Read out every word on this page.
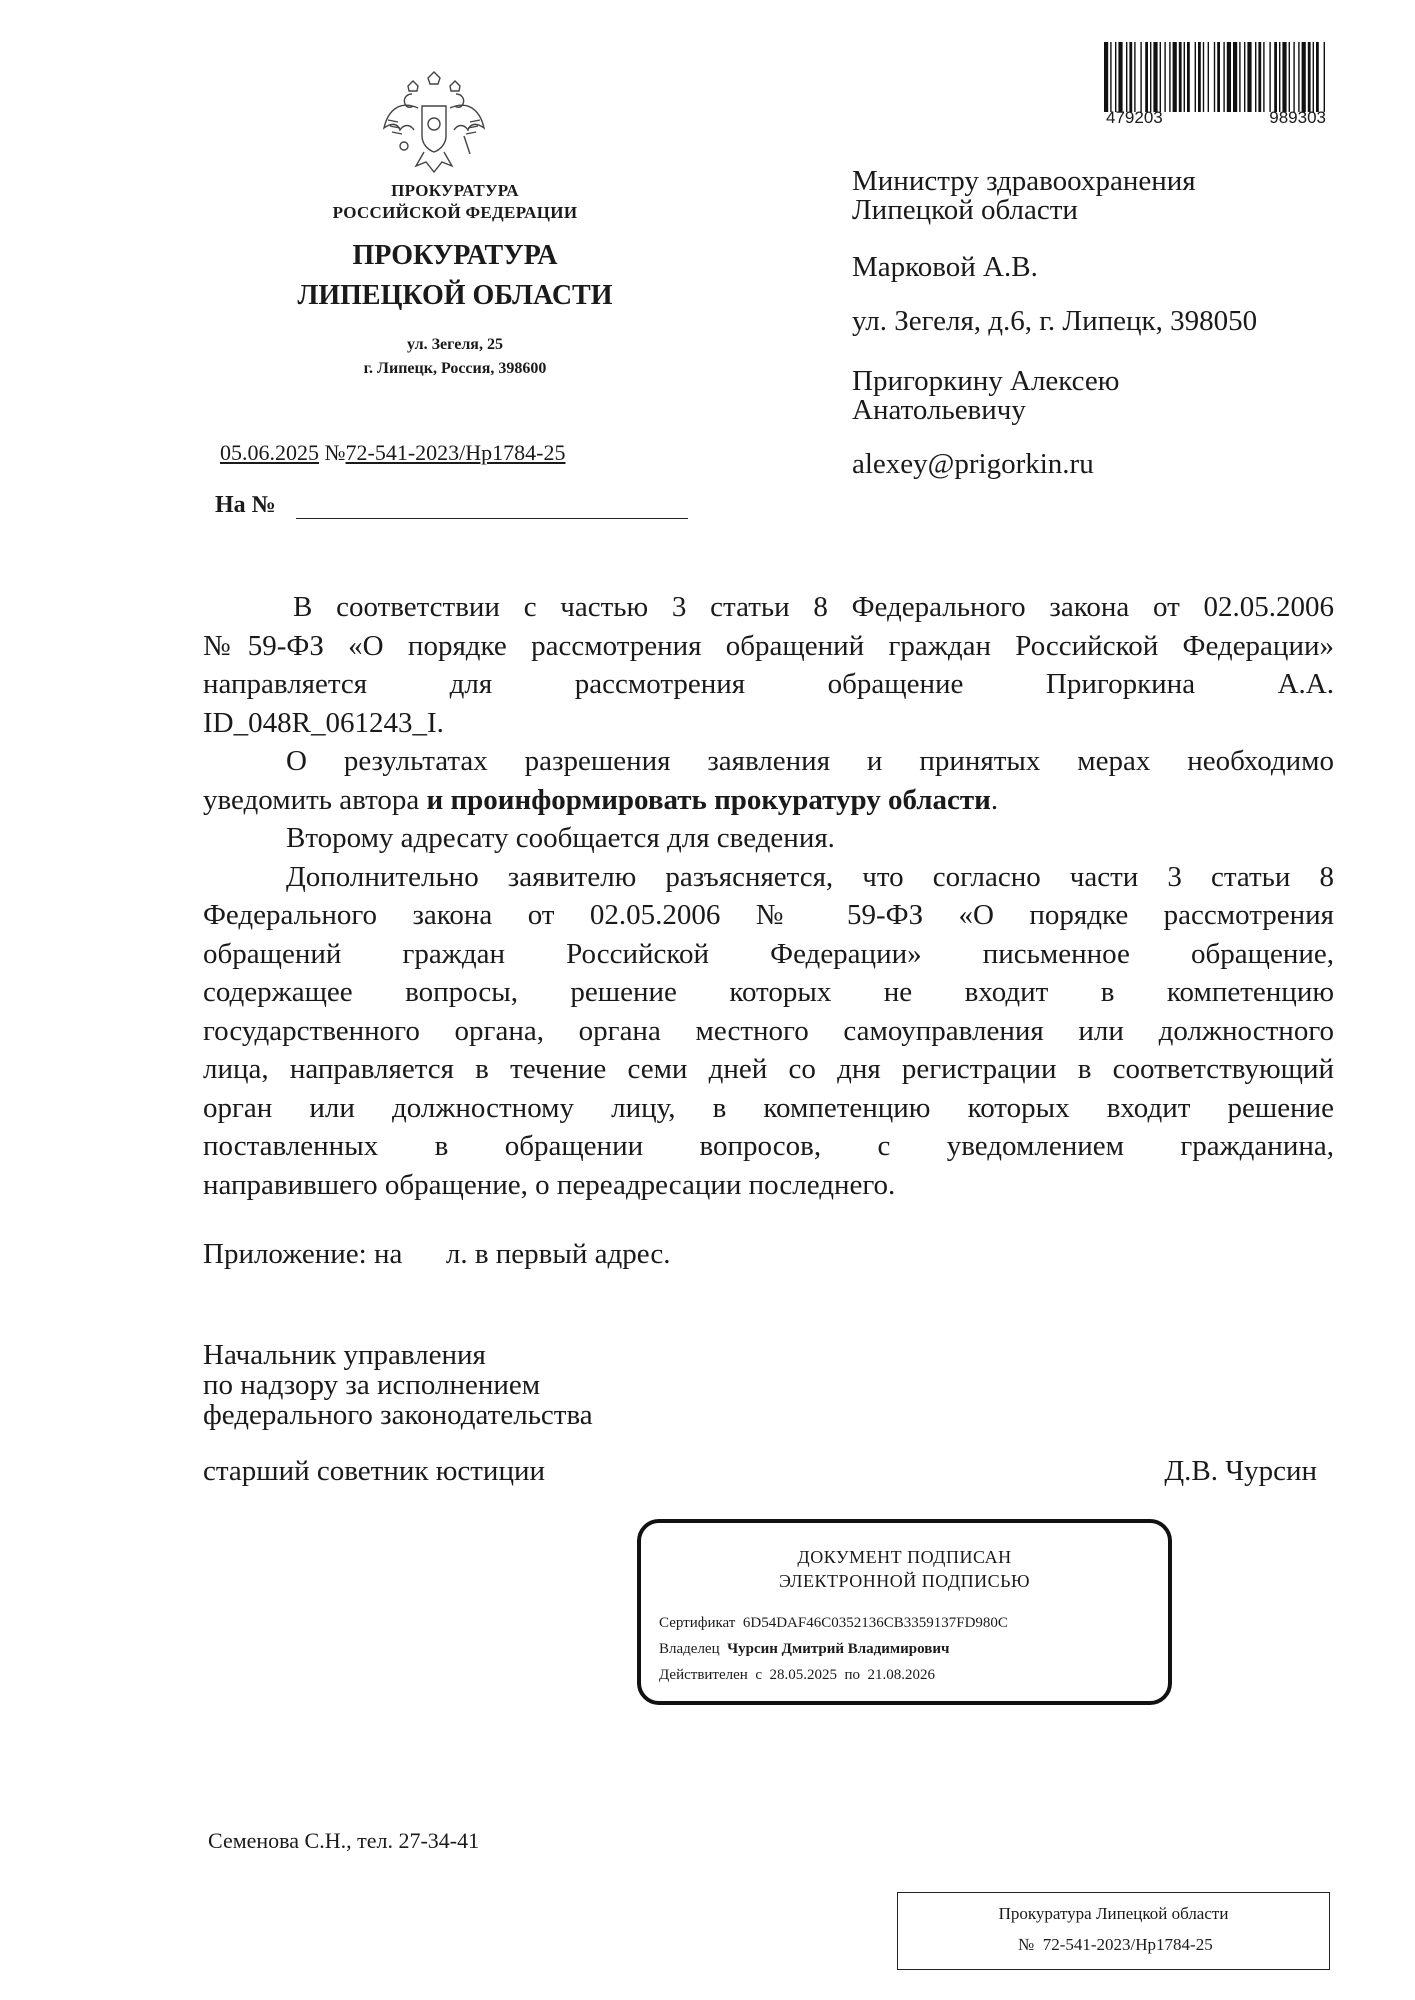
ПРОКУРАТУРА
РОССИЙСКОЙ ФЕДЕРАЦИИ
ПРОКУРАТУРА
ЛИПЕЦКОЙ ОБЛАСТИ
ул. Зегеля, 25
г. Липецк, Россия, 398600
05.06.2025 №72-541-2023/Нр1784-25
На №
479203	989303
Министру здравоохранения
Липецкой области
Марковой А.В.
ул. Зегеля, д.6, г. Липецк, 398050
Пригоркину Алексею
Анатольевичу
alexey@prigorkin.ru
В соответствии с частью 3 статьи 8 Федерального закона от 02.05.2006
№59-ФЗ «О порядке рассмотрения обращений граждан Российской Федерации»
направляется для рассмотрения обращение Пригоркина А.А.
ID_048R_061243_I.
О результатах разрешения заявления и принятых мерах необходимо
уведомить автора и проинформировать прокуратуру области.
Второму адресату сообщается для сведения.
Дополнительно заявителю разъясняется, что согласно части 3 статьи 8
Федерального закона от 02.05.2006 № 59-ФЗ «О порядке рассмотрения
обращений граждан Российской Федерации» письменное обращение,
содержащее вопросы, решение которых не входит в компетенцию
государственного органа, органа местного самоуправления или должностного
лица, направляется в течение семи дней со дня регистрации в соответствующий
орган или должностному лицу, в компетенцию которых входит решение
поставленных в обращении вопросов, с уведомлением гражданина,
направившего обращение, о переадресации последнего.
Приложение: на      л. в первый адрес.
Начальник управления
по надзору за исполнением
федерального законодательства
старший советник юстиции	Д.В. Чурсин
ДОКУМЕНТ ПОДПИСАН
ЭЛЕКТРОННОЙ ПОДПИСЬЮ
Сертификат 6D54DAF46C0352136CB3359137FD980C
Владелец Чурсин Дмитрий Владимирович
Действителен с 28.05.2025 по 21.08.2026
Семенова С.Н., тел. 27-34-41
Прокуратура Липецкой области
№ 72-541-2023/Нр1784-25
